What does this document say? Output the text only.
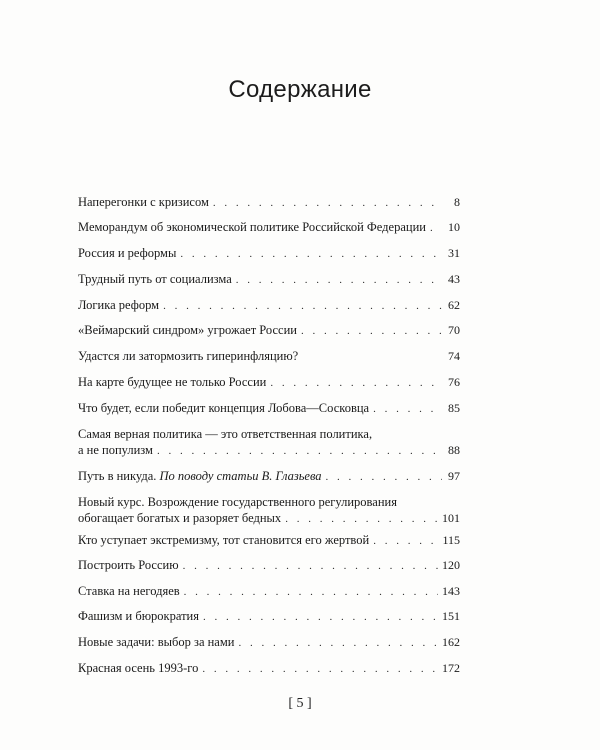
Содержание
Наперегонки с кризисом . . .	8
Меморандум об экономической политике Российской Федерации . . . 10
Россия и реформы . . .	31
Трудный путь от социализма . . .	43
Логика реформ . . .	62
«Веймарский синдром» угрожает России . . .	70
Удастся ли затормозить гиперинфляцию?	74
На карте будущее не только России . . .	76
Что будет, если победит концепция Лобова—Сосковца . . .	85
Самая верная политика — это ответственная политика,
а не популизм . . .	88
Путь в никуда. По поводу статьи В. Глазьева . . .	97
Новый курс. Возрождение государственного регулирования
обогащает богатых и разоряет бедных . . .	101
Кто уступает экстремизму, тот становится его жертвой . . .	115
Построить Россию . . .	120
Ставка на негодяев . . .	143
Фашизм и бюрократия . . .	151
Новые задачи: выбор за нами . . .	162
Красная осень 1993-го . . .	172
[ 5 ]
